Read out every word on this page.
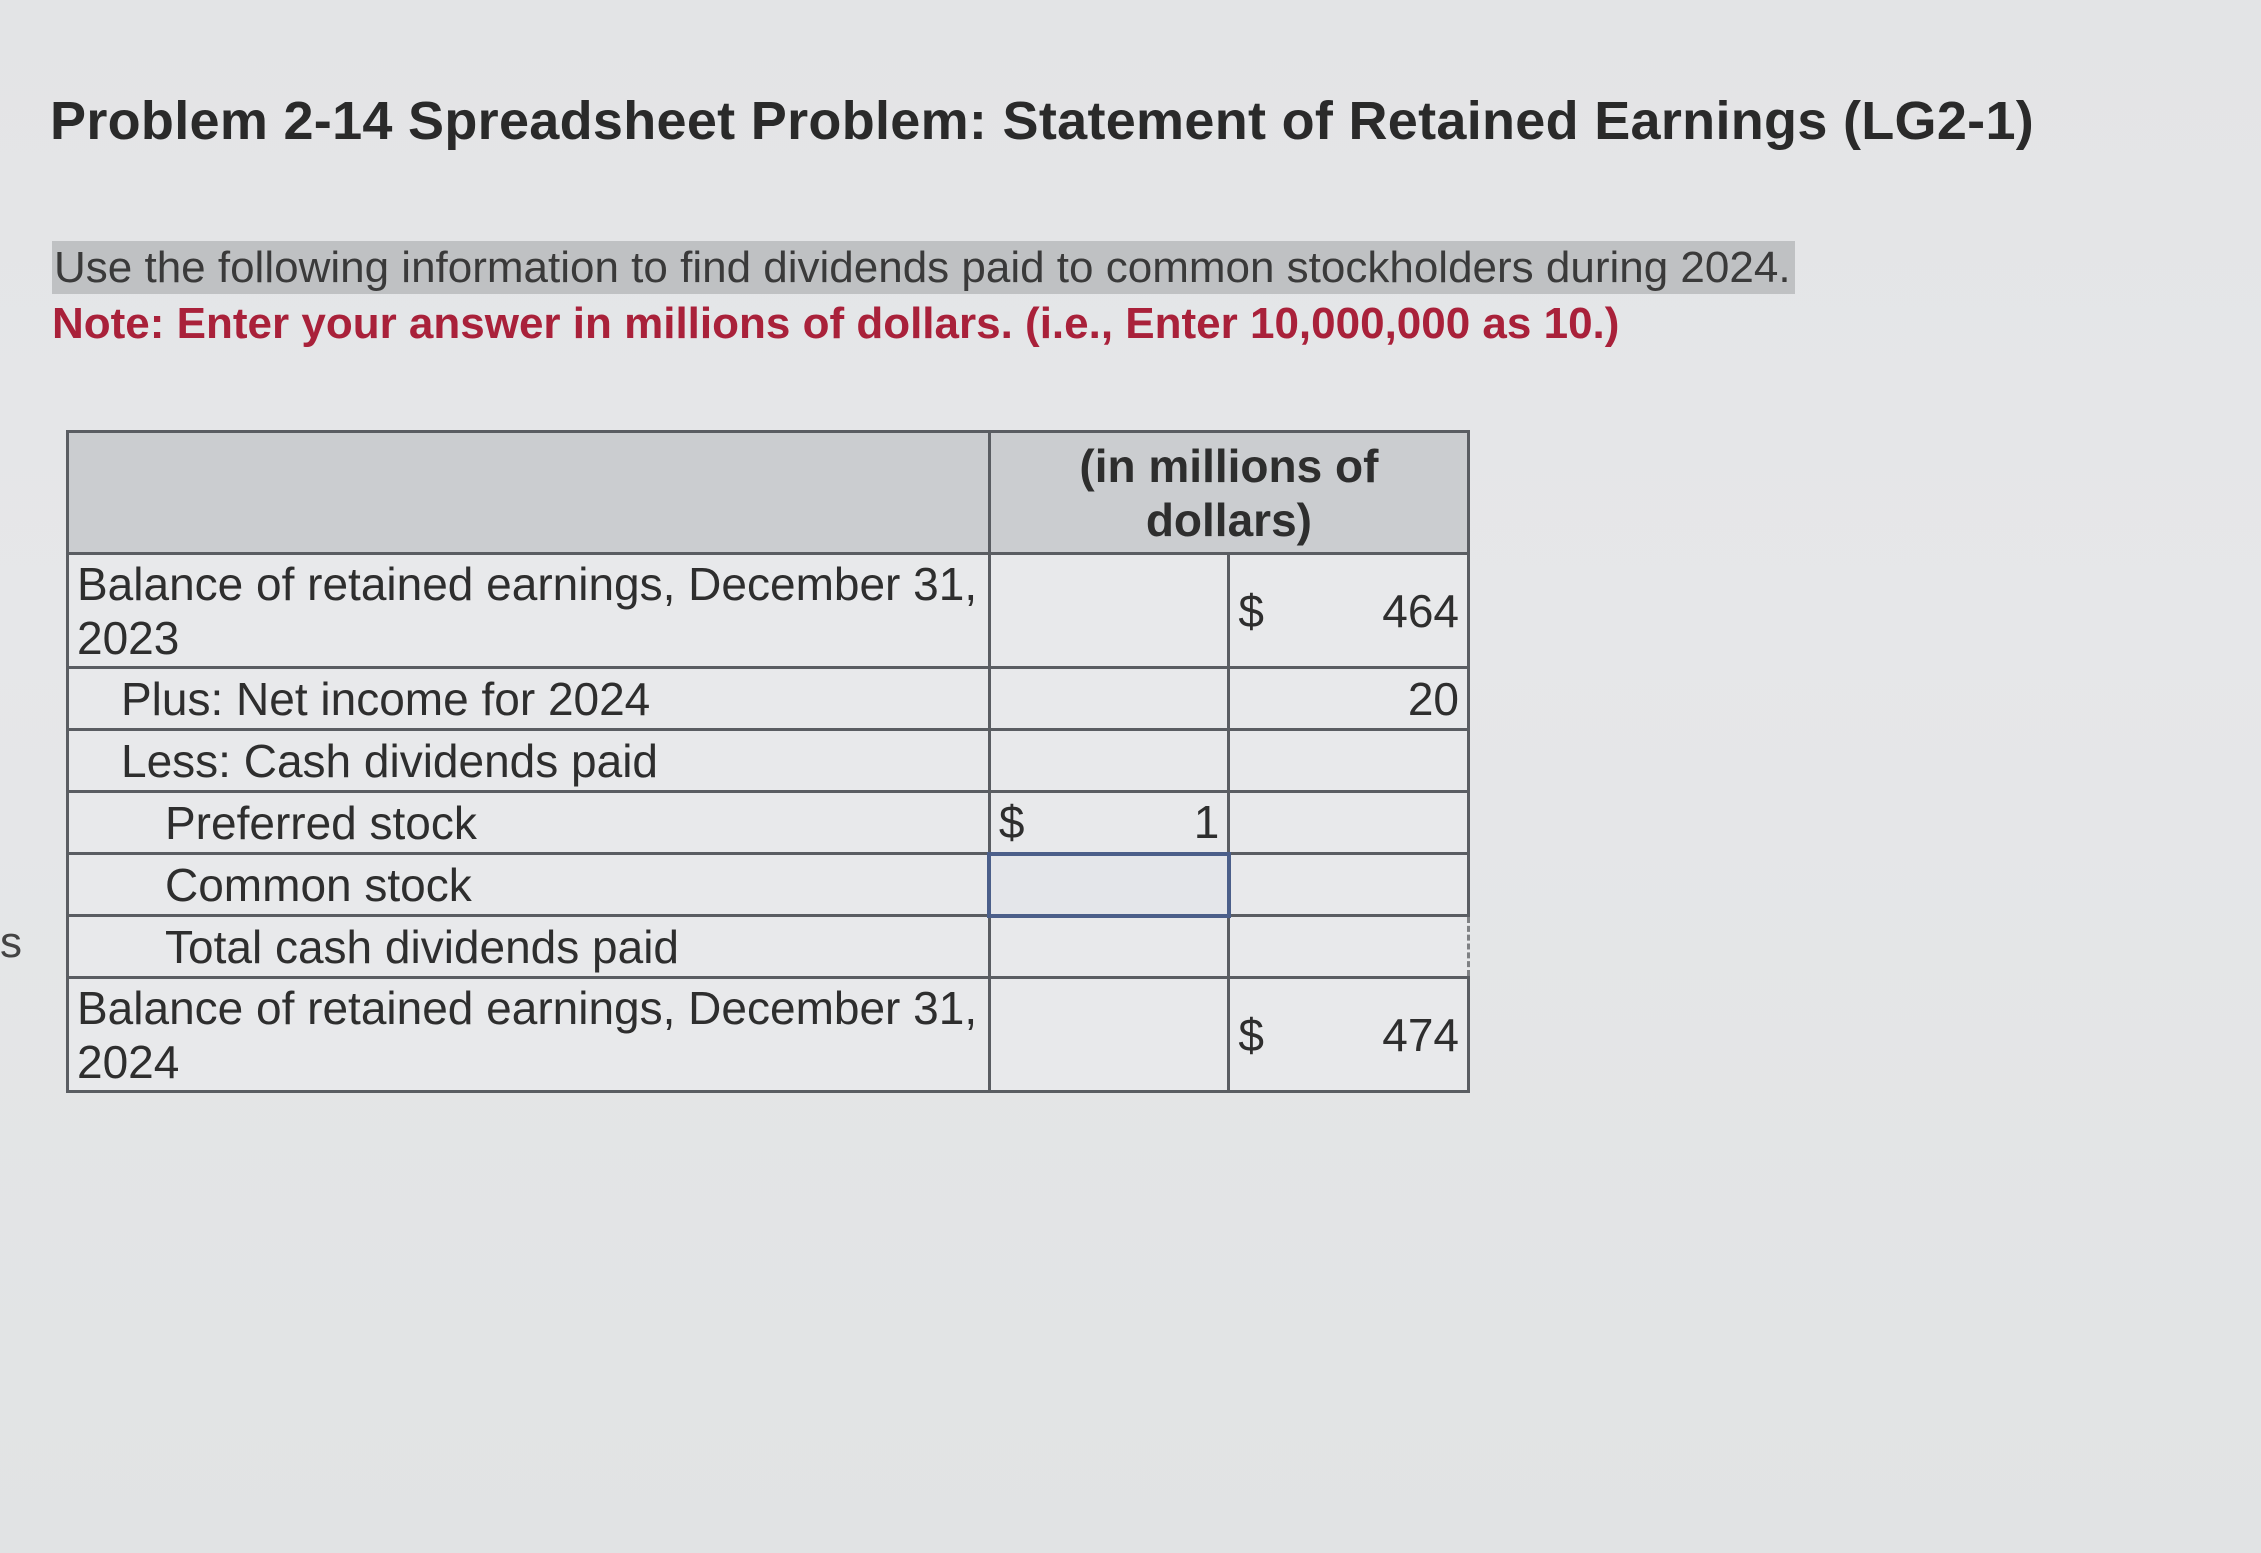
Problem 2-14 Spreadsheet Problem: Statement of Retained Earnings (LG2-1)
Use the following information to find dividends paid to common stockholders during 2024.
Note: Enter your answer in millions of dollars. (i.e., Enter 10,000,000 as 10.)
s
	(in millions of dollars)	
Balance of retained earnings, December 31, 2023		$ 464

Plus: Net income for 2024		20
Less: Cash dividends paid		
Preferred stock	$ 1	

Common stock		
Total cash dividends paid		
Balance of retained earnings, December 31, 2024		$ 474
